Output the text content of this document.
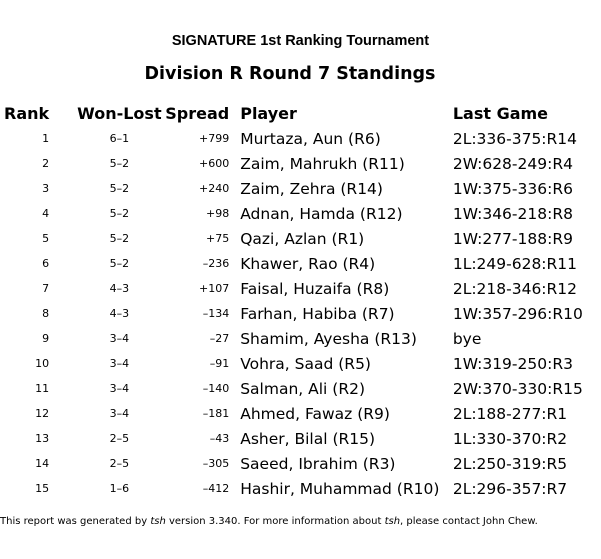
SIGNATURE 1st Ranking Tournament
Division R Round 7 Standings
Rank	Won-Lost	Spread	Player	Last Game
1	6–1	+799	Murtaza, Aun (R6)	2L:336-375:R14
2	5–2	+600	Zaim, Mahrukh (R11)	2W:628-249:R4
3	5–2	+240	Zaim, Zehra (R14)	1W:375-336:R6
4	5–2	+98	Adnan, Hamda (R12)	1W:346-218:R8
5	5–2	+75	Qazi, Azlan (R1)	1W:277-188:R9
6	5–2	–236	Khawer, Rao (R4)	1L:249-628:R11
7	4–3	+107	Faisal, Huzaifa (R8)	2L:218-346:R12
8	4–3	–134	Farhan, Habiba (R7)	1W:357-296:R10
9	3–4	–27	Shamim, Ayesha (R13)	bye
10	3–4	–91	Vohra, Saad (R5)	1W:319-250:R3
11	3–4	–140	Salman, Ali (R2)	2W:370-330:R15
12	3–4	–181	Ahmed, Fawaz (R9)	2L:188-277:R1
13	2–5	–43	Asher, Bilal (R15)	1L:330-370:R2
14	2–5	–305	Saeed, Ibrahim (R3)	2L:250-319:R5
15	1–6	–412	Hashir, Muhammad (R10)	2L:296-357:R7
This report was generated by tsh version 3.340. For more information about tsh, please contact John Chew.
